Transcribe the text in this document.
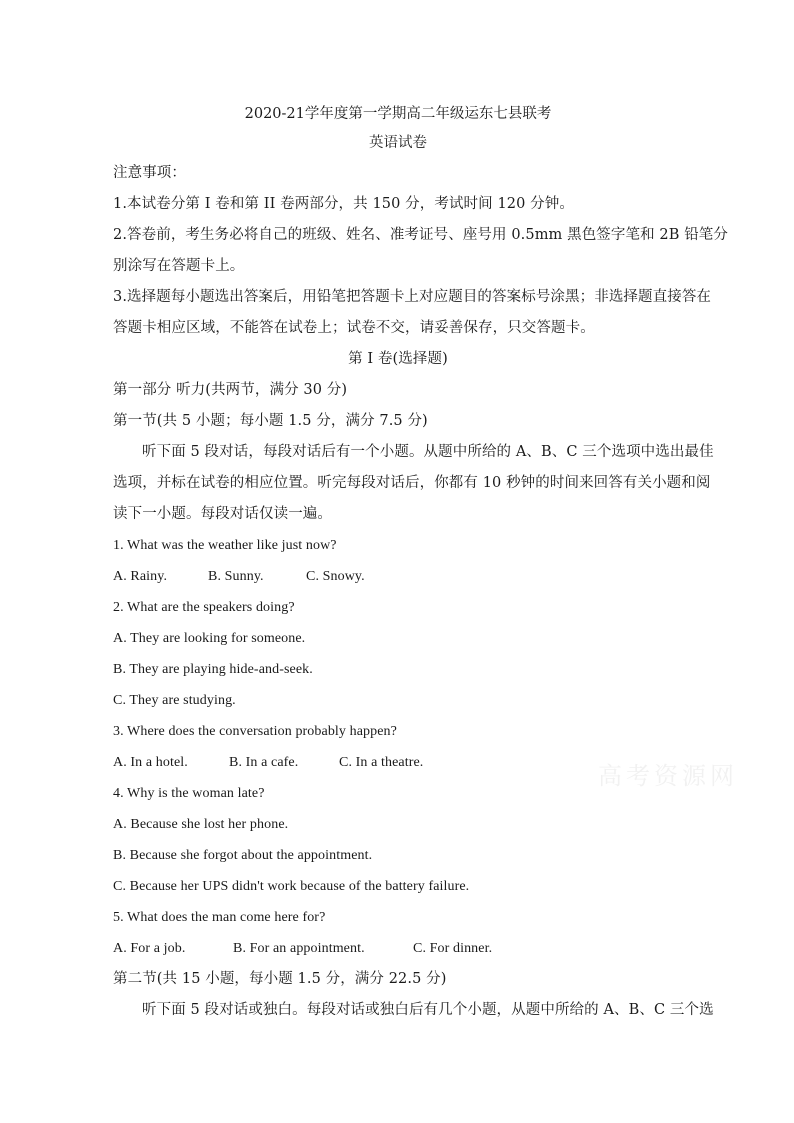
高考资源网
2020-21学年度第一学期高二年级运东七县联考
英语试卷
注意事项：
1.本试卷分第 I 卷和第 II 卷两部分，共 150 分，考试时间 120 分钟。
2.答卷前，考生务必将自己的班级、姓名、准考证号、座号用 0.5mm 黑色签字笔和 2B 铅笔分
别涂写在答题卡上。
3.选择题每小题选出答案后，用铅笔把答题卡上对应题目的答案标号涂黑；非选择题直接答在
答题卡相应区域，不能答在试卷上；试卷不交，请妥善保存，只交答题卡。
第 I 卷(选择题)
第一部分 听力(共两节，满分 30 分)
第一节(共 5 小题；每小题 1.5 分，满分 7.5 分)
听下面 5 段对话，每段对话后有一个小题。从题中所给的 A、B、C 三个选项中选出最佳
选项，并标在试卷的相应位置。听完每段对话后，你都有 10 秒钟的时间来回答有关小题和阅
读下一小题。每段对话仅读一遍。
1. What was the weather like just now?
A. Rainy.	B. Sunny.	C. Snowy.
2. What are the speakers doing?
A. They are looking for someone.
B. They are playing hide-and-seek.
C. They are studying.
3. Where does the conversation probably happen?
A. In a hotel.	B. In a cafe.	C. In a theatre.
4. Why is the woman late?
A. Because she lost her phone.
B. Because she forgot about the appointment.
C. Because her UPS didn't work because of the battery failure.
5. What does the man come here for?
A. For a job.	B. For an appointment.	C. For dinner.
第二节(共 15 小题，每小题 1.5 分，满分 22.5 分)
听下面 5 段对话或独白。每段对话或独白后有几个小题，从题中所给的 A、B、C 三个选
